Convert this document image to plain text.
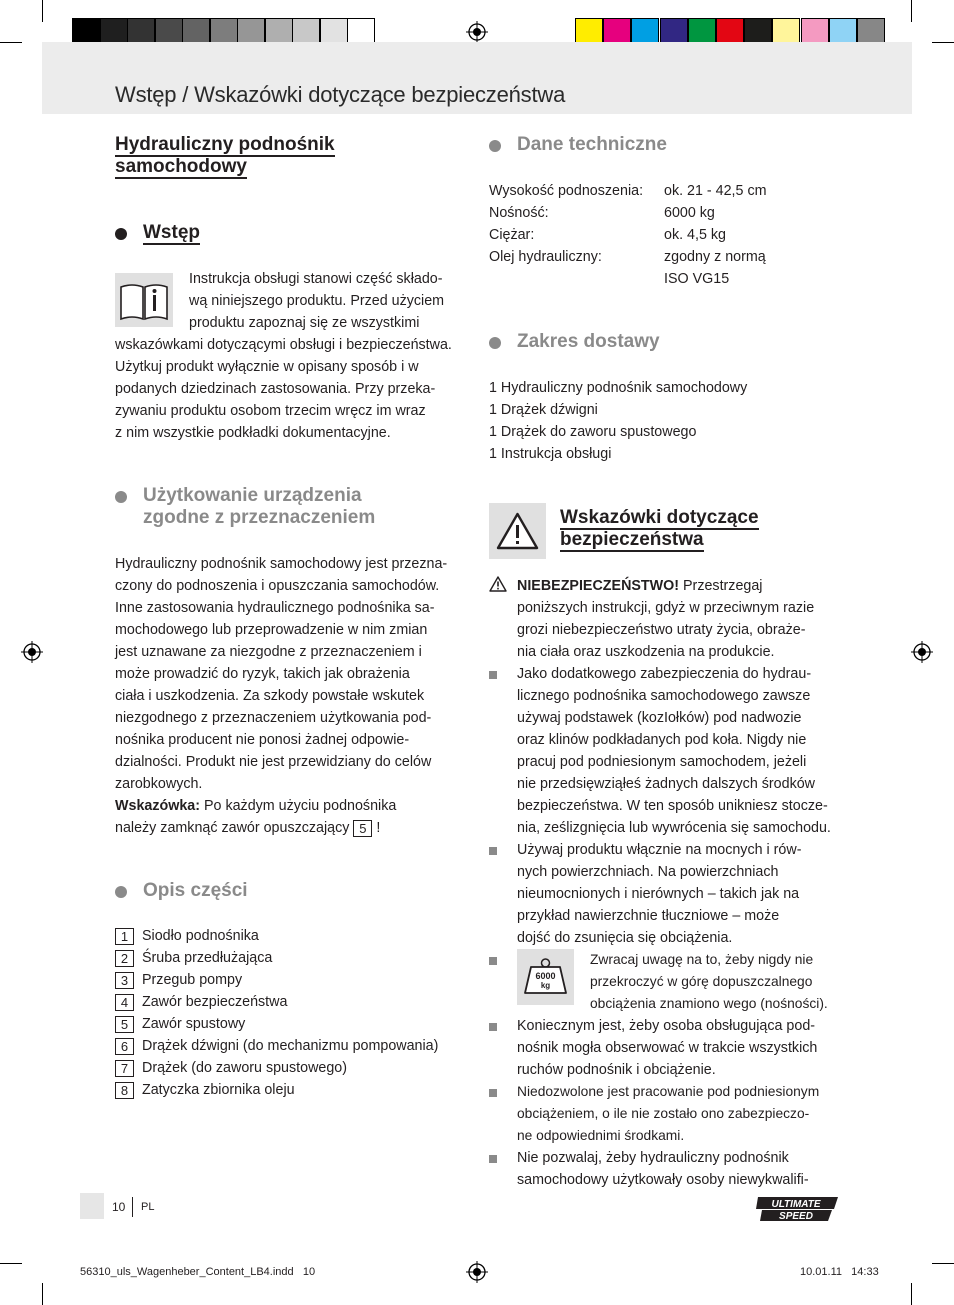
Wstęp / Wskazówki dotyczące bezpieczeństwa
Hydrauliczny podnośnik
samochodowy
Wstęp
Instrukcja obsługi stanowi część składo-
wą niniejszego produktu. Przed użyciem
produktu zapoznaj się ze wszystkimi
wskazówkami dotyczącymi obsługi i bezpieczeństwa.
Użytkuj produkt wyłącznie w opisany sposób i w
podanych dziedzinach zastosowania. Przy przeka-
zywaniu produktu osobom trzecim wręcz im wraz
z nim wszystkie podkładki dokumentacyjne.
Użytkowanie urządzenia
zgodne z przeznaczeniem
Hydrauliczny podnośnik samochodowy jest przezna-
czony do podnoszenia i opuszczania samochodów.
Inne zastosowania hydraulicznego podnośnika sa-
mochodowego lub przeprowadzenie w nim zmian
jest uznawane za niezgodne z przeznaczeniem i
może prowadzić do ryzyk, takich jak obrażenia
ciała i uszkodzenia. Za szkody powstałe wskutek
niezgodnego z przeznaczeniem użytkowania pod-
nośnika producent nie ponosi żadnej odpowie-
dzialności. Produkt nie jest przewidziany do celów
zarobkowych.
Wskazówka: Po każdym użyciu podnośnika
należy zamknąć zawór opuszczający 5 !
Opis części
1 Siodło podnośnika
2 Śruba przedłużająca
3 Przegub pompy
4 Zawór bezpieczeństwa
5 Zawór spustowy
6 Drążek dźwigni (do mechanizmu pompowania)
7 Drążek (do zaworu spustowego)
8 Zatyczka zbiornika oleju
Dane techniczne
Wysokość podnoszenia: ok. 21 - 42,5 cm
Nośność:	6000 kg
Ciężar:	ok. 4,5 kg
Olej hydrauliczny:	zgodny z normą
ISO VG15
Zakres dostawy
1 Hydrauliczny podnośnik samochodowy
1 Drążek dźwigni
1 Drążek do zaworu spustowego
1 Instrukcja obsługi
Wskazówki dotyczące
bezpieczeństwa
NIEBEZPIECZEŃSTWO! Przestrzegaj
poniższych instrukcji, gdyż w przeciwnym razie
grozi niebezpieczeństwo utraty życia, obraże-
nia ciała oraz uszkodzenia na produkcie.
Jako dodatkowego zabezpieczenia do hydrau-
licznego podnośnika samochodowego zawsze
używaj podstawek (kozIołków) pod nadwozie
oraz klinów podkładanych pod koła. Nigdy nie
pracuj pod podniesionym samochodem, jeżeli
nie przedsięwziąłeś żadnych dalszych środków
bezpieczeństwa. W ten sposób unikniesz stocze-
nia, ześlizgnięcia lub wywrócenia się samochodu.
Używaj produktu włącznie na mocnych i rów-
nych powierzchniach. Na powierzchniach
nieumocnionych i nierównych – takich jak na
przykład nawierzchnie tłuczniowe – może
dojść do zsunięcia się obciążenia.
Zwracaj uwagę na to, żeby nigdy nie
przekroczyć w górę dopuszczalnego
obciążenia znamiono wego (nośności).
Koniecznym jest, żeby osoba obsługująca pod-
nośnik mogła obserwować w trakcie wszystkich
ruchów podnośnik i obciążenie.
Niedozwolone jest pracowanie pod podniesionym
obciążeniem, o ile nie zostało ono zabezpieczo-
ne odpowiednimi środkami.
Nie pozwalaj, żeby hydrauliczny podnośnik
samochodowy użytkowały osoby niewykwalifi-
6000
kg
10 PL	ULTIMATE
SPEED
56310_uls_Wagenheber_Content_LB4.indd   10	10.01.11   14:33
